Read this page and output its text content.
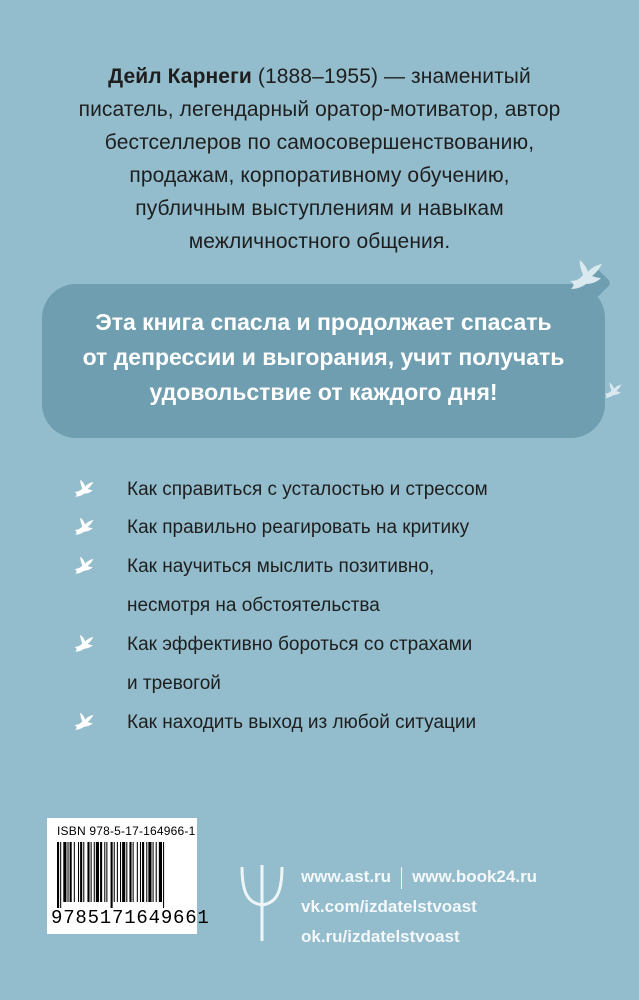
Дейл Карнеги (1888–1955) — знаменитый
писатель, легендарный оратор-мотиватор, автор
бестселлеров по самосовершенствованию,
продажам, корпоративному обучению,
публичным выступлениям и навыкам
межличностного общения.
Эта книга спасла и продолжает спасать
от депрессии и выгорания, учит получать
удовольствие от каждого дня!
Как справиться с усталостью и стрессом
Как правильно реагировать на критику
Как научиться мыслить позитивно,
несмотря на обстоятельства
Как эффективно бороться со страхами
и тревогой
Как находить выход из любой ситуации
ISBN 978-5-17-164966-1
9785171649661
www.ast.ru www.book24.ru
vk.com/izdatelstvoast
ok.ru/izdatelstvoast
